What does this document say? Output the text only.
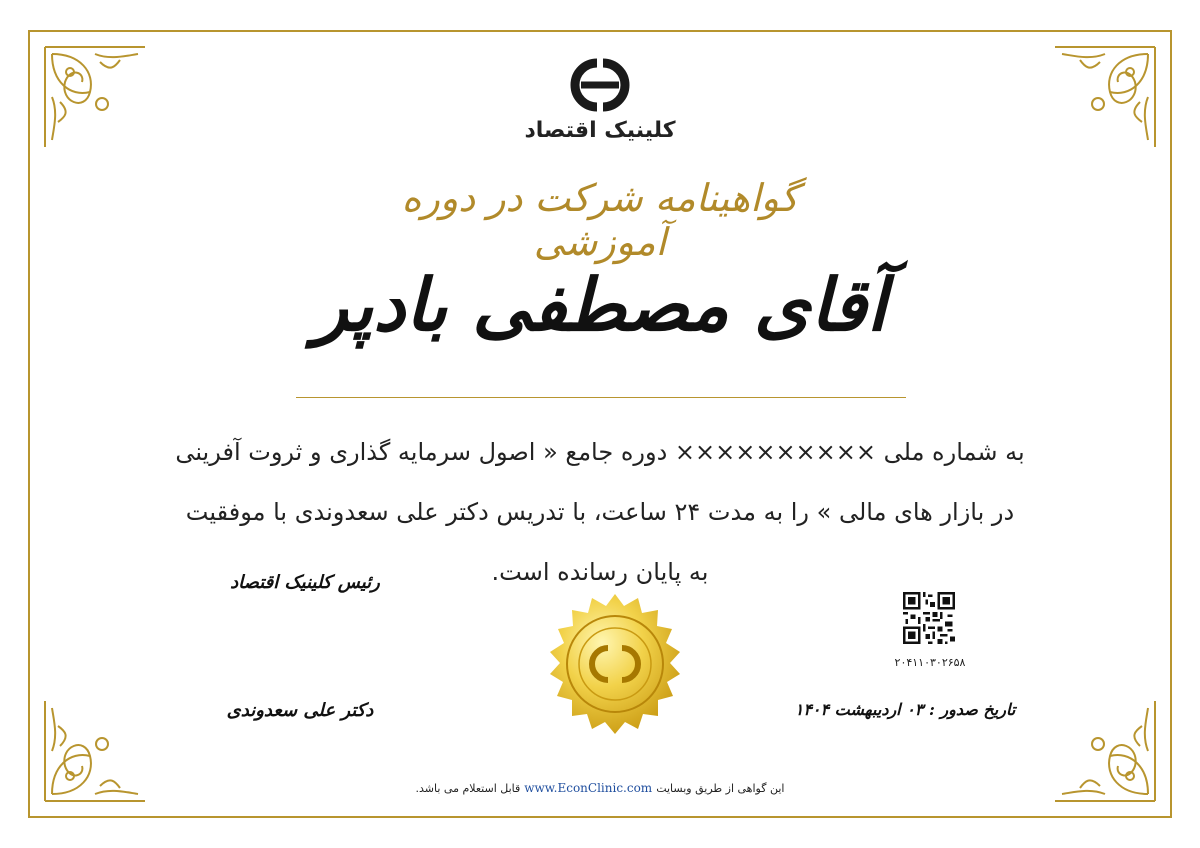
کلینیک اقتصاد
گواهینامه شرکت در دوره آموزشی
آقای مصطفی بادپر
به شماره ملی ×××××××××× دوره جامع « اصول سرمایه گذاری و ثروت آفرینی در بازار های مالی » را به مدت ۲۴ ساعت، با تدریس دکتر علی سعدوندی با موفقیت به پایان رسانده است.
رئیس کلینیک اقتصاد
دکتر علی سعدوندی
۲۰۴۱۱۰۳۰۲۶۵۸
تاریخ صدور : ۰۳ اردیبهشت ۱۴۰۴
این گواهی از طریق وبسایتwww.EconClinic.comقابل استعلام می باشد.
